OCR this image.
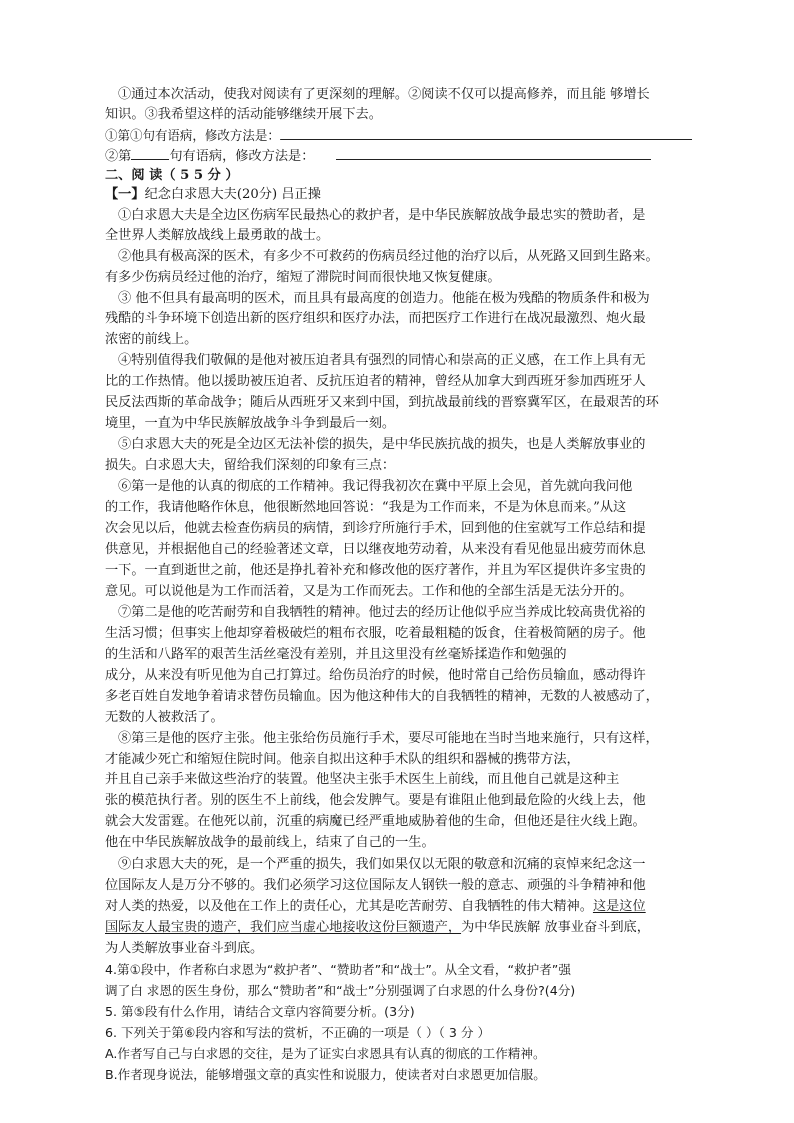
①通过本次活动，使我对阅读有了更深刻的理解。②阅读不仅可以提高修养，而且能 够增长
知识。③我希望这样的活动能够继续开展下去。
①第①句有语病，修改方法是：
②第	句有语病，修改方法是：
二、阅 读（ 5 5 分 ）
【一】纪念白求恩大夫(20分) 吕正操
①白求恩大夫是全边区伤病军民最热心的救护者，是中华民族解放战争最忠实的赞助者，是
全世界人类解放战线上最勇敢的战士。
②他具有极高深的医术，有多少不可救药的伤病员经过他的治疗以后，从死路又回到生路来。
有多少伤病员经过他的治疗，缩短了滞院时间而很快地又恢复健康。
③ 他不但具有最高明的医术，而且具有最高度的创造力。他能在极为残酷的物质条件和极为
残酷的斗争环境下创造出新的医疗组织和医疗办法，而把医疗工作进行在战况最激烈、炮火最
浓密的前线上。
④特别值得我们敬佩的是他对被压迫者具有强烈的同情心和崇高的正义感，在工作上具有无
比的工作热情。他以援助被压迫者、反抗压迫者的精神，曾经从加拿大到西班牙参加西班牙人
民反法西斯的革命战争；随后从西班牙又来到中国，到抗战最前线的晋察冀军区，在最艰苦的环
境里，一直为中华民族解放战争斗争到最后一刻。
⑤白求恩大夫的死是全边区无法补偿的损失，是中华民族抗战的损失，也是人类解放事业的
损失。白求恩大夫，留给我们深刻的印象有三点：
⑥第一是他的认真的彻底的工作精神。我记得我初次在冀中平原上会见，首先就向我问他
的工作，我请他略作休息，他很断然地回答说：“我是为工作而来，不是为休息而来。”从这
次会见以后，他就去检查伤病员的病情，到诊疗所施行手术，回到他的住室就写工作总结和提
供意见，并根据他自己的经验著述文章，日以继夜地劳动着，从来没有看见他显出疲劳而休息
一下。一直到逝世之前，他还是挣扎着补充和修改他的医疗著作，并且为军区提供许多宝贵的
意见。可以说他是为工作而活着，又是为工作而死去。工作和他的全部生活是无法分开的。
⑦第二是他的吃苦耐劳和自我牺牲的精神。他过去的经历让他似乎应当养成比较高贵优裕的
生活习惯；但事实上他却穿着极破烂的粗布衣服，吃着最粗糙的饭食，住着极简陋的房子。他
的生活和八路军的艰苦生活丝毫没有差别，并且这里没有丝毫矫揉造作和勉强的
成分，从来没有听见他为自己打算过。给伤员治疗的时候，他时常自己给伤员输血，感动得许
多老百姓自发地争着请求替伤员输血。因为他这种伟大的自我牺牲的精神，无数的人被感动了，
无数的人被救活了。
⑧第三是他的医疗主张。他主张给伤员施行手术，要尽可能地在当时当地来施行，只有这样，
才能减少死亡和缩短住院时间。他亲自拟出这种手术队的组织和器械的携带方法，
并且自己亲手来做这些治疗的装置。他坚决主张手术医生上前线，而且他自己就是这种主
张的模范执行者。别的医生不上前线，他会发脾气。要是有谁阻止他到最危险的火线上去，他
就会大发雷霆。在他死以前，沉重的病魔已经严重地威胁着他的生命，但他还是往火线上跑。
他在中华民族解放战争的最前线上，结束了自己的一生。
⑨白求恩大夫的死，是一个严重的损失，我们如果仅以无限的敬意和沉痛的哀悼来纪念这一
位国际友人是万分不够的。我们必须学习这位国际友人钢铁一般的意志、顽强的斗争精神和他
对人类的热爱，以及他在工作上的责任心，尤其是吃苦耐劳、自我牺牲的伟大精神。这是这位
国际友人最宝贵的遗产，我们应当虚心地接收这份巨额遗产，为中华民族解 放事业奋斗到底，
为人类解放事业奋斗到底。
4.第①段中，作者称白求恩为“救护者”、“赞助者”和“战士”。从全文看，“救护者”强
调了白 求恩的医生身份，那么“赞助者”和“战士”分别强调了白求恩的什么身份?(4分)
5. 第⑤段有什么作用，请结合文章内容简要分析。(3分)
6. 下列关于第⑥段内容和写法的赏析，不正确的一项是（ ）（ 3 分 ）
A.作者写自己与白求恩的交往，是为了证实白求恩具有认真的彻底的工作精神。
B.作者现身说法，能够增强文章的真实性和说服力，使读者对白求恩更加信服。
